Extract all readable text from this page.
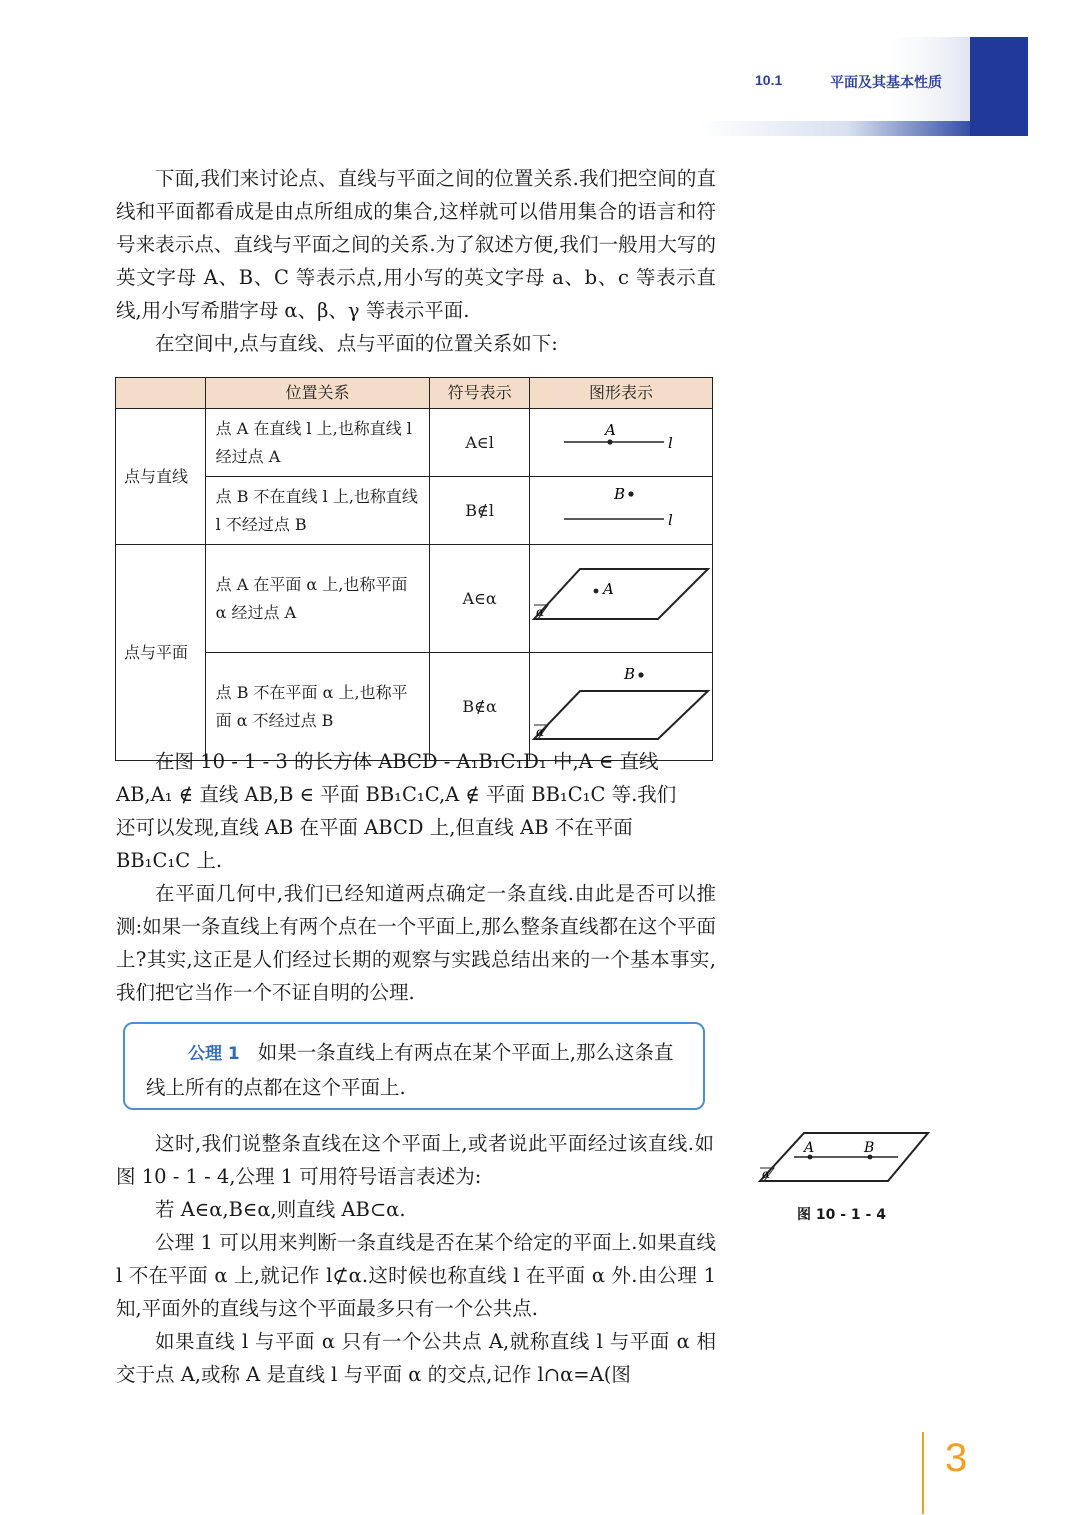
10.1	平面及其基本性质

下面,我们来讨论点、直线与平面之间的位置关系.我们把空间的直线和平面都看成是由点所组成的集合,这样就可以借用集合的语言和符号来表示点、直线与平面之间的关系.为了叙述方便,我们一般用大写的英文字母 A、B、C 等表示点,用小写的英文字母 a、b、c 等表示直线,用小写希腊字母 α、β、γ 等表示平面.

在空间中,点与直线、点与平面的位置关系如下:

	位置关系	符号表示	图形表示
点与直线	点 A 在直线 l 上,也称直线 l 经过点 A	A∈l	A
l

	点 B 不在直线 l 上,也称直线 l 不经过点 B	B∉l	B
l

点与平面	点 A 在平面 α 上,也称平面 α 经过点 A	A∈α	α
A

	点 B 不在平面 α 上,也称平面 α 不经过点 B	B∉α	α
B
在图 10 - 1 - 3 的长方体 ABCD - A₁B₁C₁D₁ 中,A ∈ 直线
AB,A₁ ∉ 直线 AB,B ∈ 平面 BB₁C₁C,A ∉ 平面 BB₁C₁C 等.我们
还可以发现,直线 AB 在平面 ABCD 上,但直线 AB 不在平面
BB₁C₁C 上.

在平面几何中,我们已经知道两点确定一条直线.由此是否可以推测:如果一条直线上有两个点在一个平面上,那么整条直线都在这个平面上?其实,这正是人们经过长期的观察与实践总结出来的一个基本事实,我们把它当作一个不证自明的公理.

公理 1 如果一条直线上有两点在某个平面上,那么这条直线上所有的点都在这个平面上.

这时,我们说整条直线在这个平面上,或者说此平面经过该直线.如图 10 - 1 - 4,公理 1 可用符号语言表述为:

若 A∈α,B∈α,则直线 AB⊂α.

公理 1 可以用来判断一条直线是否在某个给定的平面上.如果直线 l 不在平面 α 上,就记作 l⊄α.这时候也称直线 l 在平面 α 外.由公理 1 知,平面外的直线与这个平面最多只有一个公共点.

如果直线 l 与平面 α 只有一个公共点 A,就称直线 l 与平面 α 相交于点 A,或称 A 是直线 l 与平面 α 的交点,记作 l∩α=A(图

α
A	B
图 10 - 1 - 4
3
